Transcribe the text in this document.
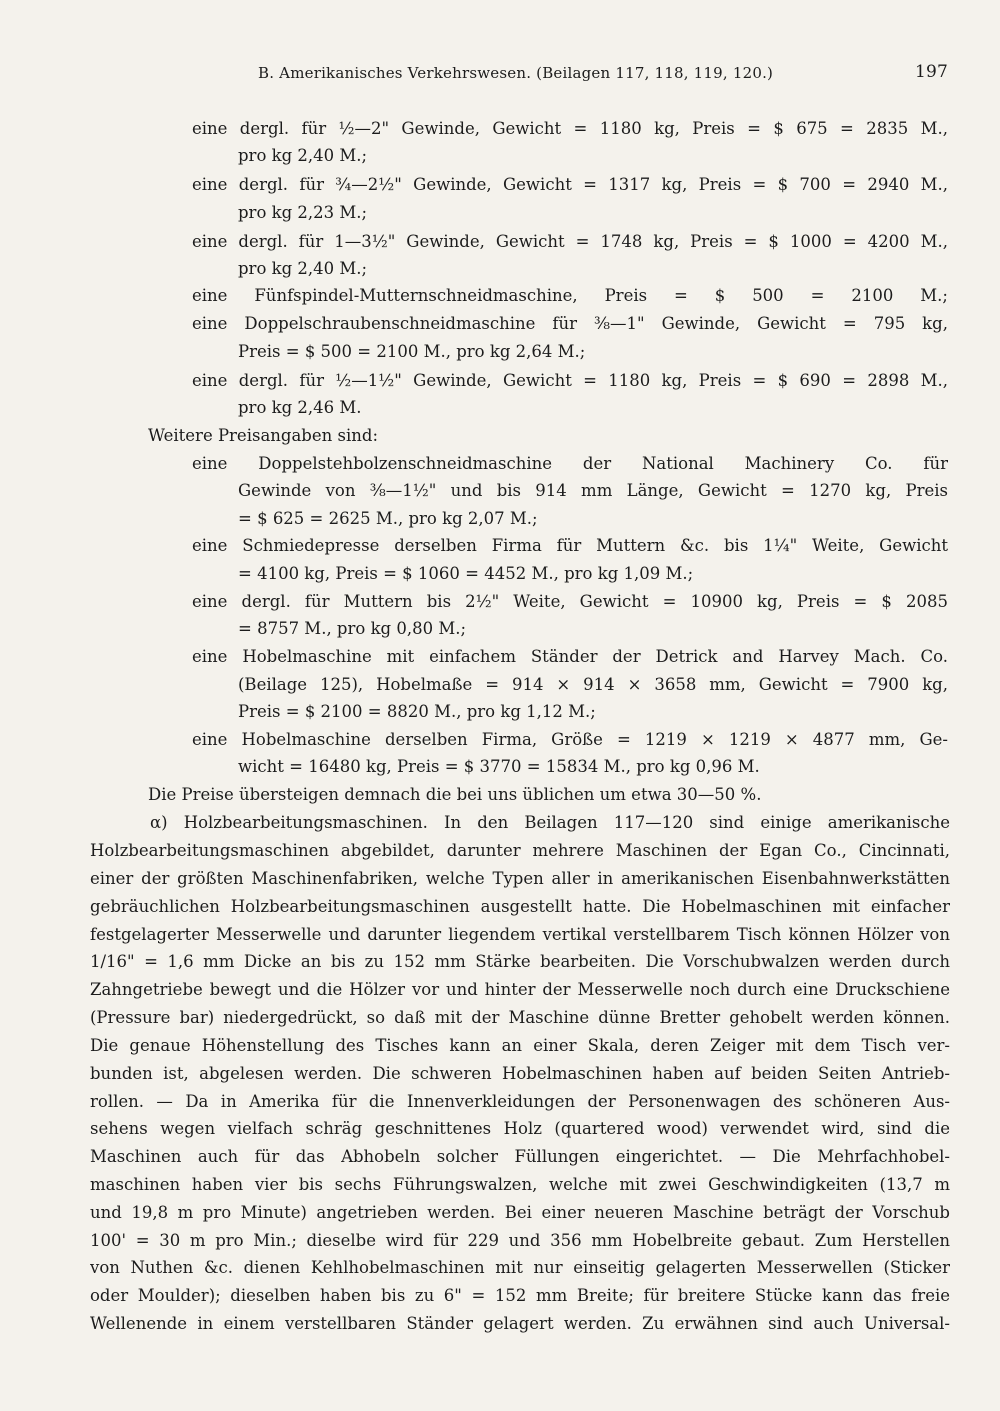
B. Amerikanisches Verkehrswesen. (Beilagen 117, 118, 119, 120.)	197
eine dergl. für ½—2" Gewinde, Gewicht = 1180 kg, Preis = $ 675 = 2835 M.,
pro kg 2,40 M.;
eine dergl. für ¾—2½" Gewinde, Gewicht = 1317 kg, Preis = $ 700 = 2940 M.,
pro kg 2,23 M.;
eine dergl. für 1—3½" Gewinde, Gewicht = 1748 kg, Preis = $ 1000 = 4200 M.,
pro kg 2,40 M.;
eine Fünfspindel-Mutternschneidmaschine, Preis = $ 500 = 2100 M.;
eine Doppelschraubenschneidmaschine für ⅜—1" Gewinde, Gewicht = 795 kg,
Preis = $ 500 = 2100 M., pro kg 2,64 M.;
eine dergl. für ½—1½" Gewinde, Gewicht = 1180 kg, Preis = $ 690 = 2898 M.,
pro kg 2,46 M.
Weitere Preisangaben sind:
eine Doppelstehbolzenschneidmaschine der National Machinery Co. für
Gewinde von ⅜—1½" und bis 914 mm Länge, Gewicht = 1270 kg, Preis
= $ 625 = 2625 M., pro kg 2,07 M.;
eine Schmiedepresse derselben Firma für Muttern &c. bis 1¼" Weite, Gewicht
= 4100 kg, Preis = $ 1060 = 4452 M., pro kg 1,09 M.;
eine dergl. für Muttern bis 2½" Weite, Gewicht = 10900 kg, Preis = $ 2085
= 8757 M., pro kg 0,80 M.;
eine Hobelmaschine mit einfachem Ständer der Detrick and Harvey Mach. Co.
(Beilage 125), Hobelmaße = 914 × 914 × 3658 mm, Gewicht = 7900 kg,
Preis = $ 2100 = 8820 M., pro kg 1,12 M.;
eine Hobelmaschine derselben Firma, Größe = 1219 × 1219 × 4877 mm, Ge-
wicht = 16480 kg, Preis = $ 3770 = 15834 M., pro kg 0,96 M.
Die Preise übersteigen demnach die bei uns üblichen um etwa 30—50 %.
α) Holzbearbeitungsmaschinen. In den Beilagen 117—120 sind einige amerikanische
Holzbearbeitungsmaschinen abgebildet, darunter mehrere Maschinen der Egan Co., Cincinnati,
einer der größten Maschinenfabriken, welche Typen aller in amerikanischen Eisenbahnwerkstätten
gebräuchlichen Holzbearbeitungsmaschinen ausgestellt hatte. Die Hobelmaschinen mit einfacher
festgelagerter Messerwelle und darunter liegendem vertikal verstellbarem Tisch können Hölzer von
1/16" = 1,6 mm Dicke an bis zu 152 mm Stärke bearbeiten. Die Vorschubwalzen werden durch
Zahngetriebe bewegt und die Hölzer vor und hinter der Messerwelle noch durch eine Druckschiene
(Pressure bar) niedergedrückt, so daß mit der Maschine dünne Bretter gehobelt werden können.
Die genaue Höhenstellung des Tisches kann an einer Skala, deren Zeiger mit dem Tisch ver-
bunden ist, abgelesen werden. Die schweren Hobelmaschinen haben auf beiden Seiten Antrieb-
rollen. — Da in Amerika für die Innenverkleidungen der Personenwagen des schöneren Aus-
sehens wegen vielfach schräg geschnittenes Holz (quartered wood) verwendet wird, sind die
Maschinen auch für das Abhobeln solcher Füllungen eingerichtet. — Die Mehrfachhobel-
maschinen haben vier bis sechs Führungswalzen, welche mit zwei Geschwindigkeiten (13,7 m
und 19,8 m pro Minute) angetrieben werden. Bei einer neueren Maschine beträgt der Vorschub
100' = 30 m pro Min.; dieselbe wird für 229 und 356 mm Hobelbreite gebaut. Zum Herstellen
von Nuthen &c. dienen Kehlhobelmaschinen mit nur einseitig gelagerten Messerwellen (Sticker
oder Moulder); dieselben haben bis zu 6" = 152 mm Breite; für breitere Stücke kann das freie
Wellenende in einem verstellbaren Ständer gelagert werden. Zu erwähnen sind auch Universal-
